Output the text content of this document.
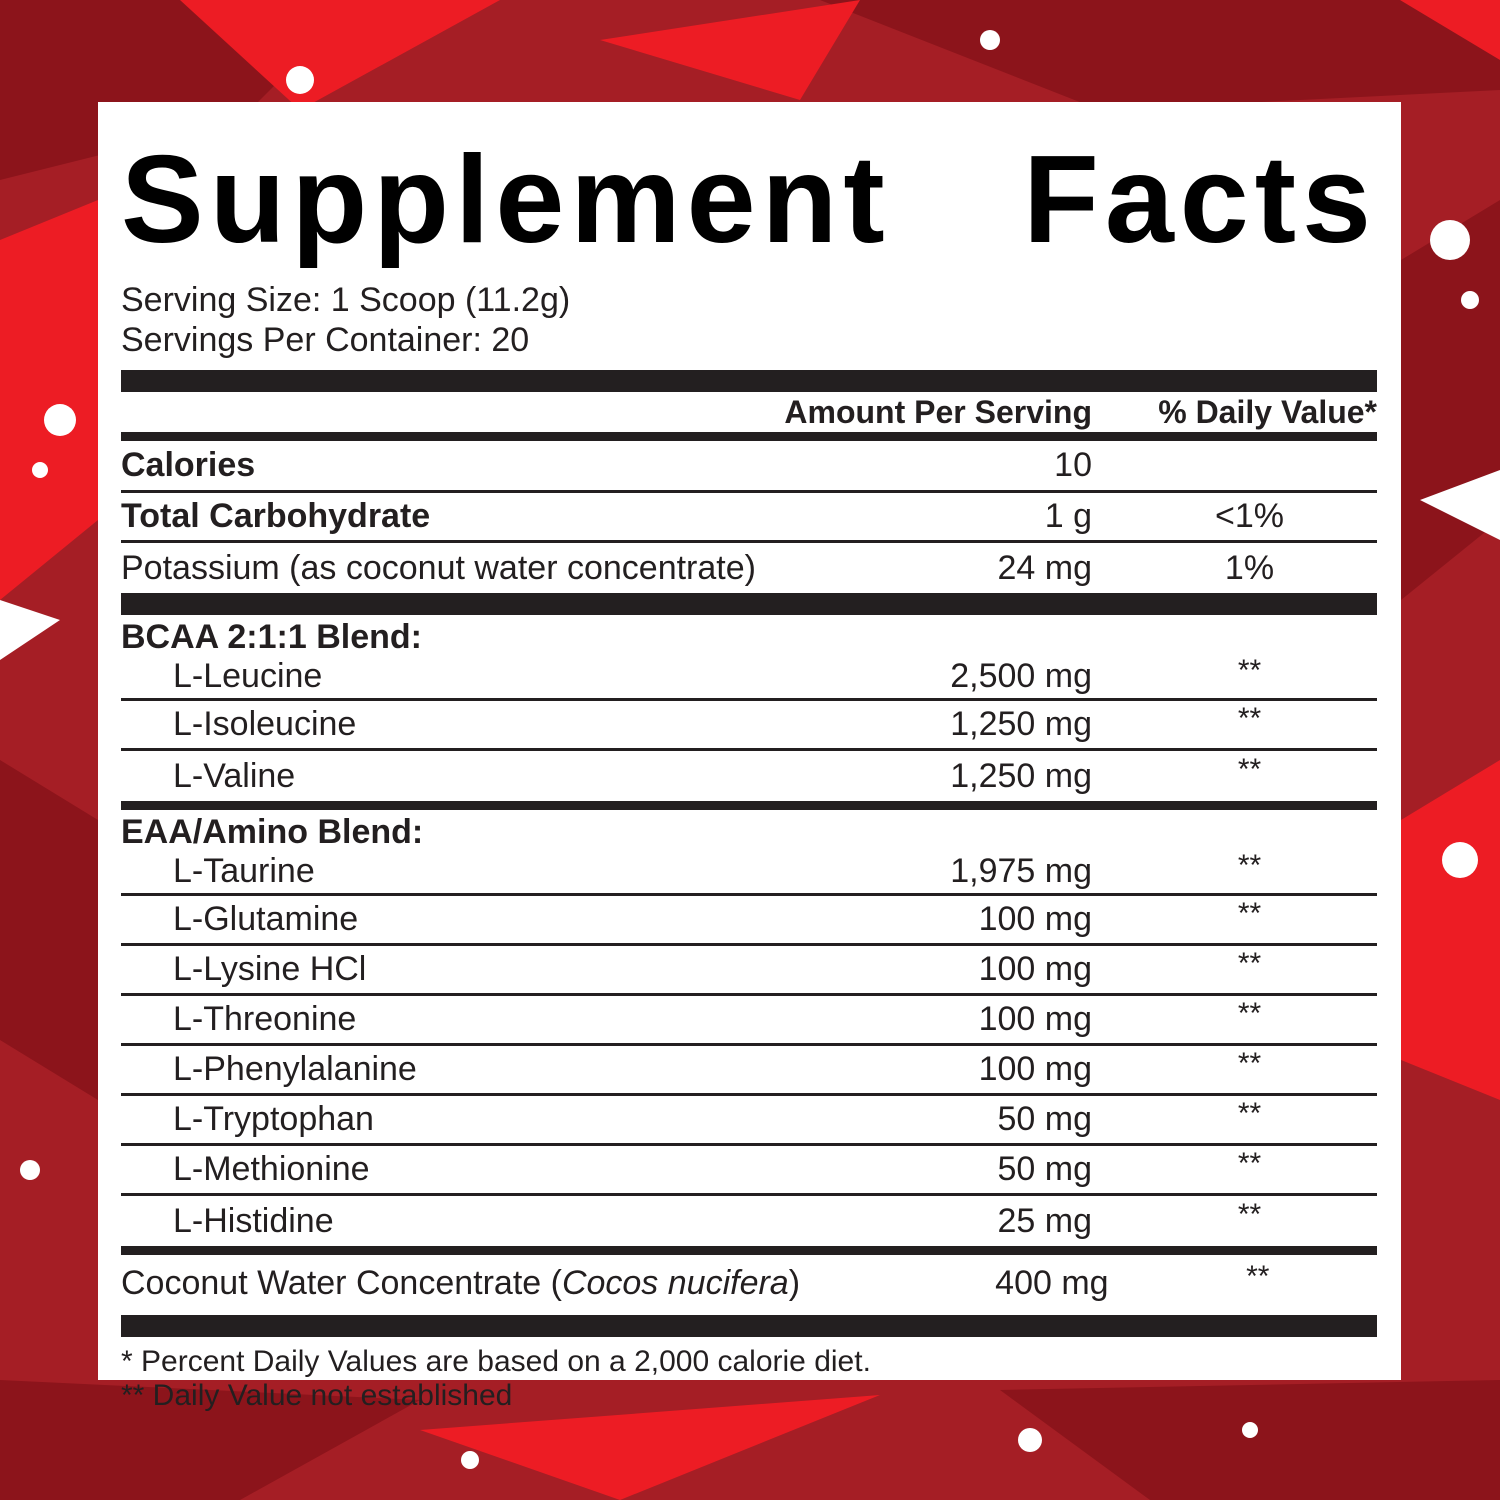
Supplement  Facts
Serving Size: 1 Scoop (11.2g)
Servings Per Container: 20
Amount Per Serving	% Daily Value*
Calories	10
Total Carbohydrate	1 g	<1%
Potassium (as coconut water concentrate)	24 mg	1%
BCAA 2:1:1 Blend:
L-Leucine	2,500 mg	**
L-Isoleucine	1,250 mg	**
L-Valine	1,250 mg	**
EAA/Amino Blend:
L-Taurine	1,975 mg	**
L-Glutamine	100 mg	**
L-Lysine HCl	100 mg	**
L-Threonine	100 mg	**
L-Phenylalanine	100 mg	**
L-Tryptophan	50 mg	**
L-Methionine	50 mg	**
L-Histidine	25 mg	**
Coconut Water Concentrate (Cocos nucifera)	400 mg	**
* Percent Daily Values are based on a 2,000 calorie diet.
** Daily Value not established
